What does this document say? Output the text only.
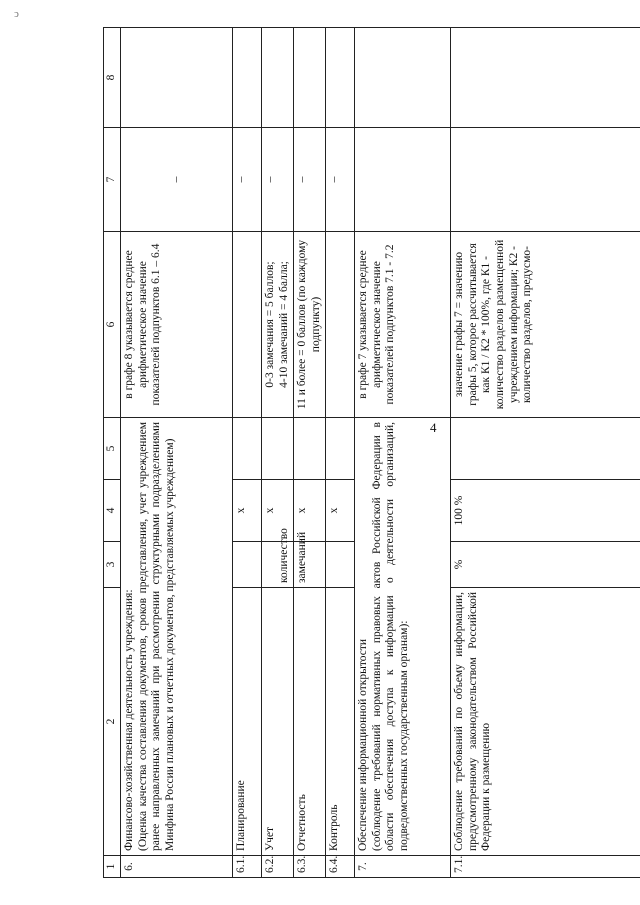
ↄ
4
1	2	3	4	5	6	7	8
6.	Финансово-хозяйственная деятельность учреждения: (Оценка качества составления документов, сроков представления, учет учреждением ранее направленных замечаний при рассмотрении структурными подразделениями Минфина России плановых и отчетных документов, представляемых учреждением)				в графе 8 указывается среднее арифметическое значение показателей подпунктов 6.1 – 6.4	–	
6.1.	Планирование		х			–	
6.2.	Учет	количество	х		0-3 замечания = 5 баллов; 4-10 замечаний = 4 балла;	–	
6.3.	Отчетность	замечаний	х		11 и более = 0 баллов (по каждому подпункту)	–	
6.4.	Контроль		х			–	
7.	Обеспечение информационной открытости (соблюдение требований нормативных правовых актов Российской Федерации в области обеспечения доступа к информации о деятельности организаций, подведомственных государственным органам):				в графе 7 указывается среднее арифметическое значение показателей подпунктов 7.1 - 7.2		
7.1.	Соблюдение требований по объему информации, предусмотренному законодательством Российской Федерации к размещению	%	100 %		значение графы 7 = значению графы 5, которое рассчитывается как К1 / К2 * 100%, где К1 - количество разделов размещенной учреждением информации; К2 - количество разделов, предусмо-		
